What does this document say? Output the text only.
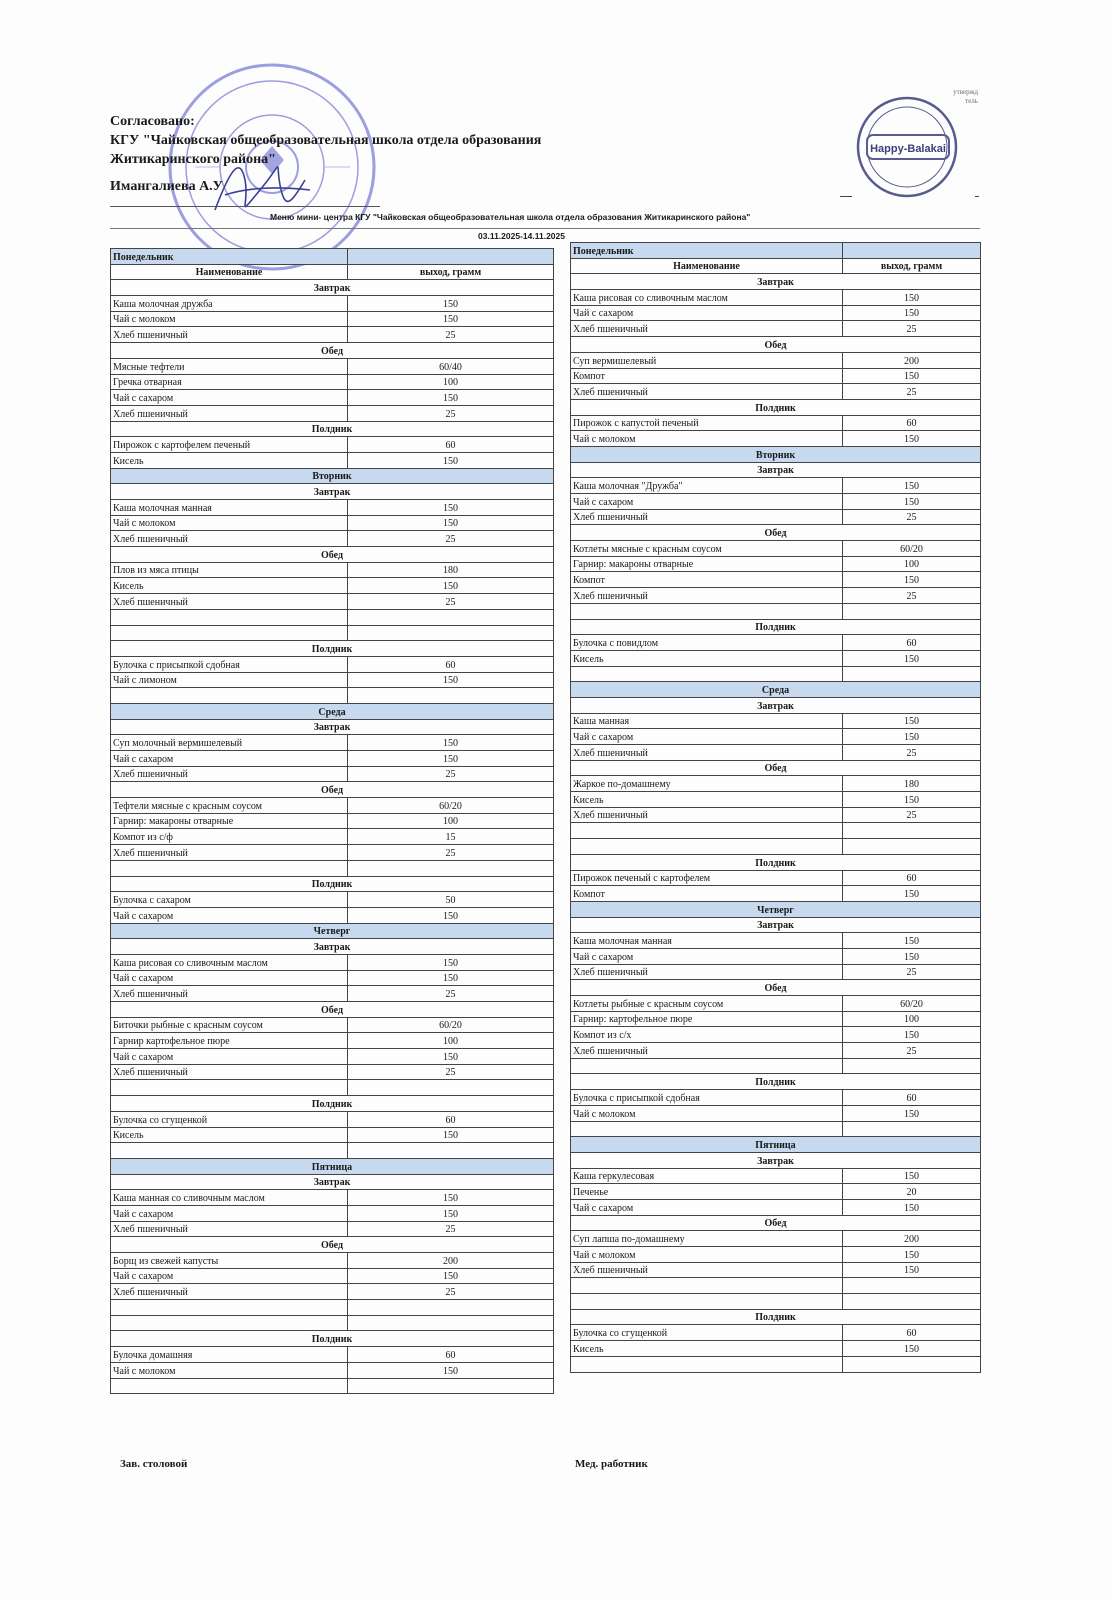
Happy-Balakai
утвержд
тель
Согласовано:
КГУ "Чайковская общеобразовательная школа отдела образования
Житикаринского района"
Имангалиева А.У
Меню мини- центра КГУ "Чайковская общеобразовательная школа отдела образования Житикаринского района"
03.11.2025-14.11.2025
Понедельник	
Наименование	выход, грамм
Завтрак	
Каша молочная дружба	150
Чай с молоком	150
Хлеб пшеничный	25
Обед	
Мясные тефтели	60/40
Гречка отварная	100
Чай с сахаром	150
Хлеб пшеничный	25
Полдник	
Пирожок с картофелем печеный	60
Кисель	150
Вторник	
Завтрак	
Каша молочная манная	150
Чай с молоком	150
Хлеб пшеничный	25
Обед	
Плов из мяса птицы	180
Кисель	150
Хлеб пшеничный	25

Полдник	
Булочка с присыпкой сдобная	60
Чай с лимоном	150

Среда	
Завтрак	
Суп молочный вермишелевый	150
Чай с сахаром	150
Хлеб пшеничный	25
Обед	
Тефтели мясные с красным соусом	60/20
Гарнир: макароны отварные	100
Компот из с/ф	15
Хлеб пшеничный	25

Полдник	
Булочка с сахаром	50
Чай с сахаром	150
Четверг	
Завтрак	
Каша рисовая со сливочным маслом	150
Чай с сахаром	150
Хлеб пшеничный	25
Обед	
Биточки рыбные с красным соусом	60/20
Гарнир картофельное пюре	100
Чай с сахаром	150
Хлеб пшеничный	25

Полдник	
Булочка со сгущенкой	60
Кисель	150

Пятница	
Завтрак	
Каша манная со сливочным маслом	150
Чай с сахаром	150
Хлеб пшеничный	25
Обед	
Борщ из свежей капусты	200
Чай с сахаром	150
Хлеб пшеничный	25

Полдник	
Булочка домашняя	60
Чай с молоком	150

Понедельник	
Наименование	выход, грамм
Завтрак	
Каша рисовая со сливочным маслом	150
Чай с сахаром	150
Хлеб пшеничный	25
Обед	
Суп вермишелевый	200
Компот	150
Хлеб пшеничный	25
Полдник	
Пирожок с капустой печеный	60
Чай с молоком	150
Вторник	
Завтрак	
Каша молочная "Дружба"	150
Чай с сахаром	150
Хлеб пшеничный	25
Обед	
Котлеты мясные с красным соусом	60/20
Гарнир: макароны отварные	100
Компот	150
Хлеб пшеничный	25

Полдник	
Булочка с повидлом	60
Кисель	150

Среда	
Завтрак	
Каша манная	150
Чай с сахаром	150
Хлеб пшеничный	25
Обед	
Жаркое по-домашнему	180
Кисель	150
Хлеб пшеничный	25

Полдник	
Пирожок печеный с картофелем	60
Компот	150
Четверг	
Завтрак	
Каша молочная манная	150
Чай с сахаром	150
Хлеб пшеничный	25
Обед	
Котлеты рыбные с красным соусом	60/20
Гарнир: картофельное пюре	100
Компот из с/х	150
Хлеб пшеничный	25

Полдник	
Булочка с присыпкой сдобная	60
Чай с молоком	150

Пятница	
Завтрак	
Каша геркулесовая	150
Печенье	20
Чай с сахаром	150
Обед	
Суп лапша по-домашнему	200
Чай с молоком	150
Хлеб пшеничный	150

Полдник	
Булочка со сгущенкой	60
Кисель	150

Зав. столовой	Мед. работник
